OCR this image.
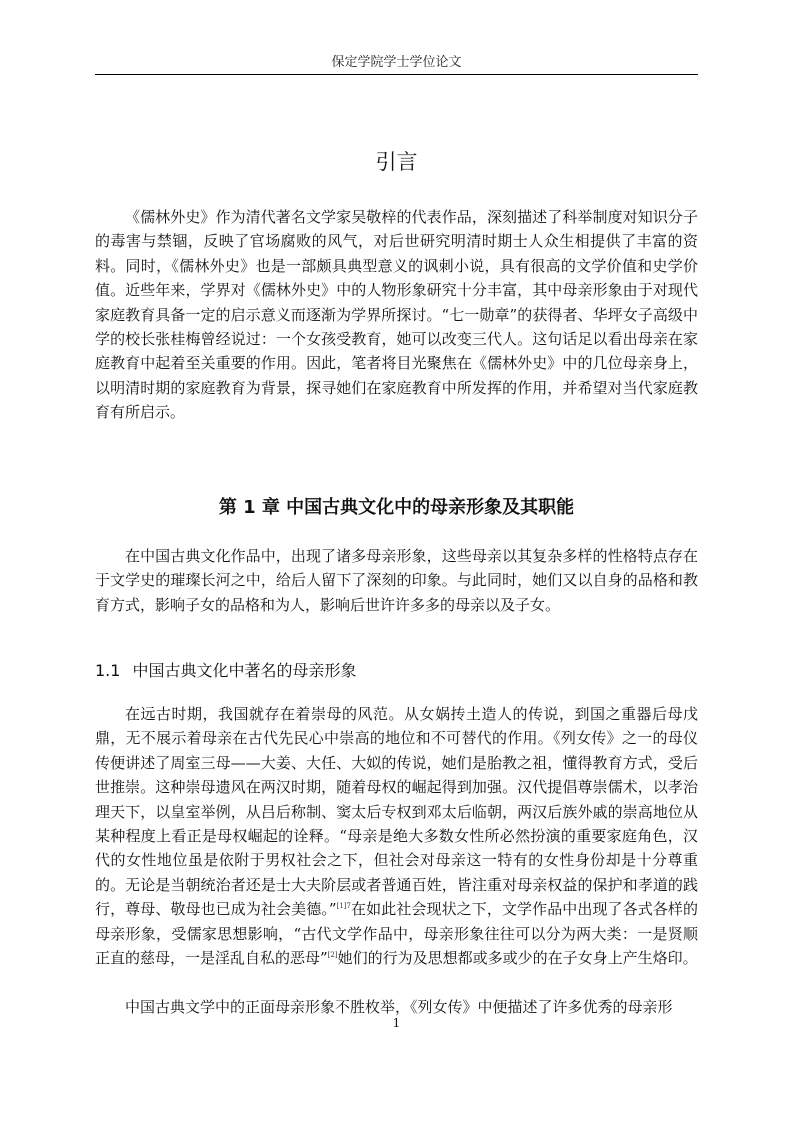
保定学院学士学位论文
引言

《儒林外史》作为清代著名文学家吴敬梓的代表作品，深刻描述了科举制度对知识分子的毒害与禁锢，反映了官场腐败的风气，对后世研究明清时期士人众生相提供了丰富的资料。同时，《儒林外史》也是一部颇具典型意义的讽刺小说，具有很高的文学价值和史学价值。近些年来，学界对《儒林外史》中的人物形象研究十分丰富，其中母亲形象由于对现代家庭教育具备一定的启示意义而逐渐为学界所探讨。“七一勋章”的获得者、华坪女子高级中学的校长张桂梅曾经说过：一个女孩受教育，她可以改变三代人。这句话足以看出母亲在家庭教育中起着至关重要的作用。因此，笔者将目光聚焦在《儒林外史》中的几位母亲身上，以明清时期的家庭教育为背景，探寻她们在家庭教育中所发挥的作用，并希望对当代家庭教育有所启示。

第 1 章 中国古典文化中的母亲形象及其职能

在中国古典文化作品中，出现了诸多母亲形象，这些母亲以其复杂多样的性格特点存在于文学史的璀璨长河之中，给后人留下了深刻的印象。与此同时，她们又以自身的品格和教育方式，影响子女的品格和为人，影响后世许许多多的母亲以及子女。

1.1 中国古典文化中著名的母亲形象

在远古时期，我国就存在着崇母的风范。从女娲抟土造人的传说，到国之重器后母戊鼎，无不展示着母亲在古代先民心中崇高的地位和不可替代的作用。《列女传》之一的母仪传便讲述了周室三母——大姜、大任、大姒的传说，她们是胎教之祖，懂得教育方式，受后世推崇。这种崇母遗风在两汉时期，随着母权的崛起得到加强。汉代提倡尊崇儒术，以孝治理天下，以皇室举例，从吕后称制、窦太后专权到邓太后临朝，两汉后族外戚的崇高地位从某种程度上看正是母权崛起的诠释。“母亲是绝大多数女性所必然扮演的重要家庭角色，汉代的女性地位虽是依附于男权社会之下，但社会对母亲这一特有的女性身份却是十分尊重的。无论是当朝统治者还是士大夫阶层或者普通百姓，皆注重对母亲权益的保护和孝道的践行，尊母、敬母也已成为社会美德。”$^{[1]7}$在如此社会现状之下，文学作品中出现了各式各样的母亲形象，受儒家思想影响，“古代文学作品中，母亲形象往往可以分为两大类：一是贤顺正直的慈母，一是淫乱自私的恶母”[2]她们的行为及思想都或多或少的在子女身上产生烙印。

中国古典文学中的正面母亲形象不胜枚举，《列女传》中便描述了许多优秀的母亲形

1
